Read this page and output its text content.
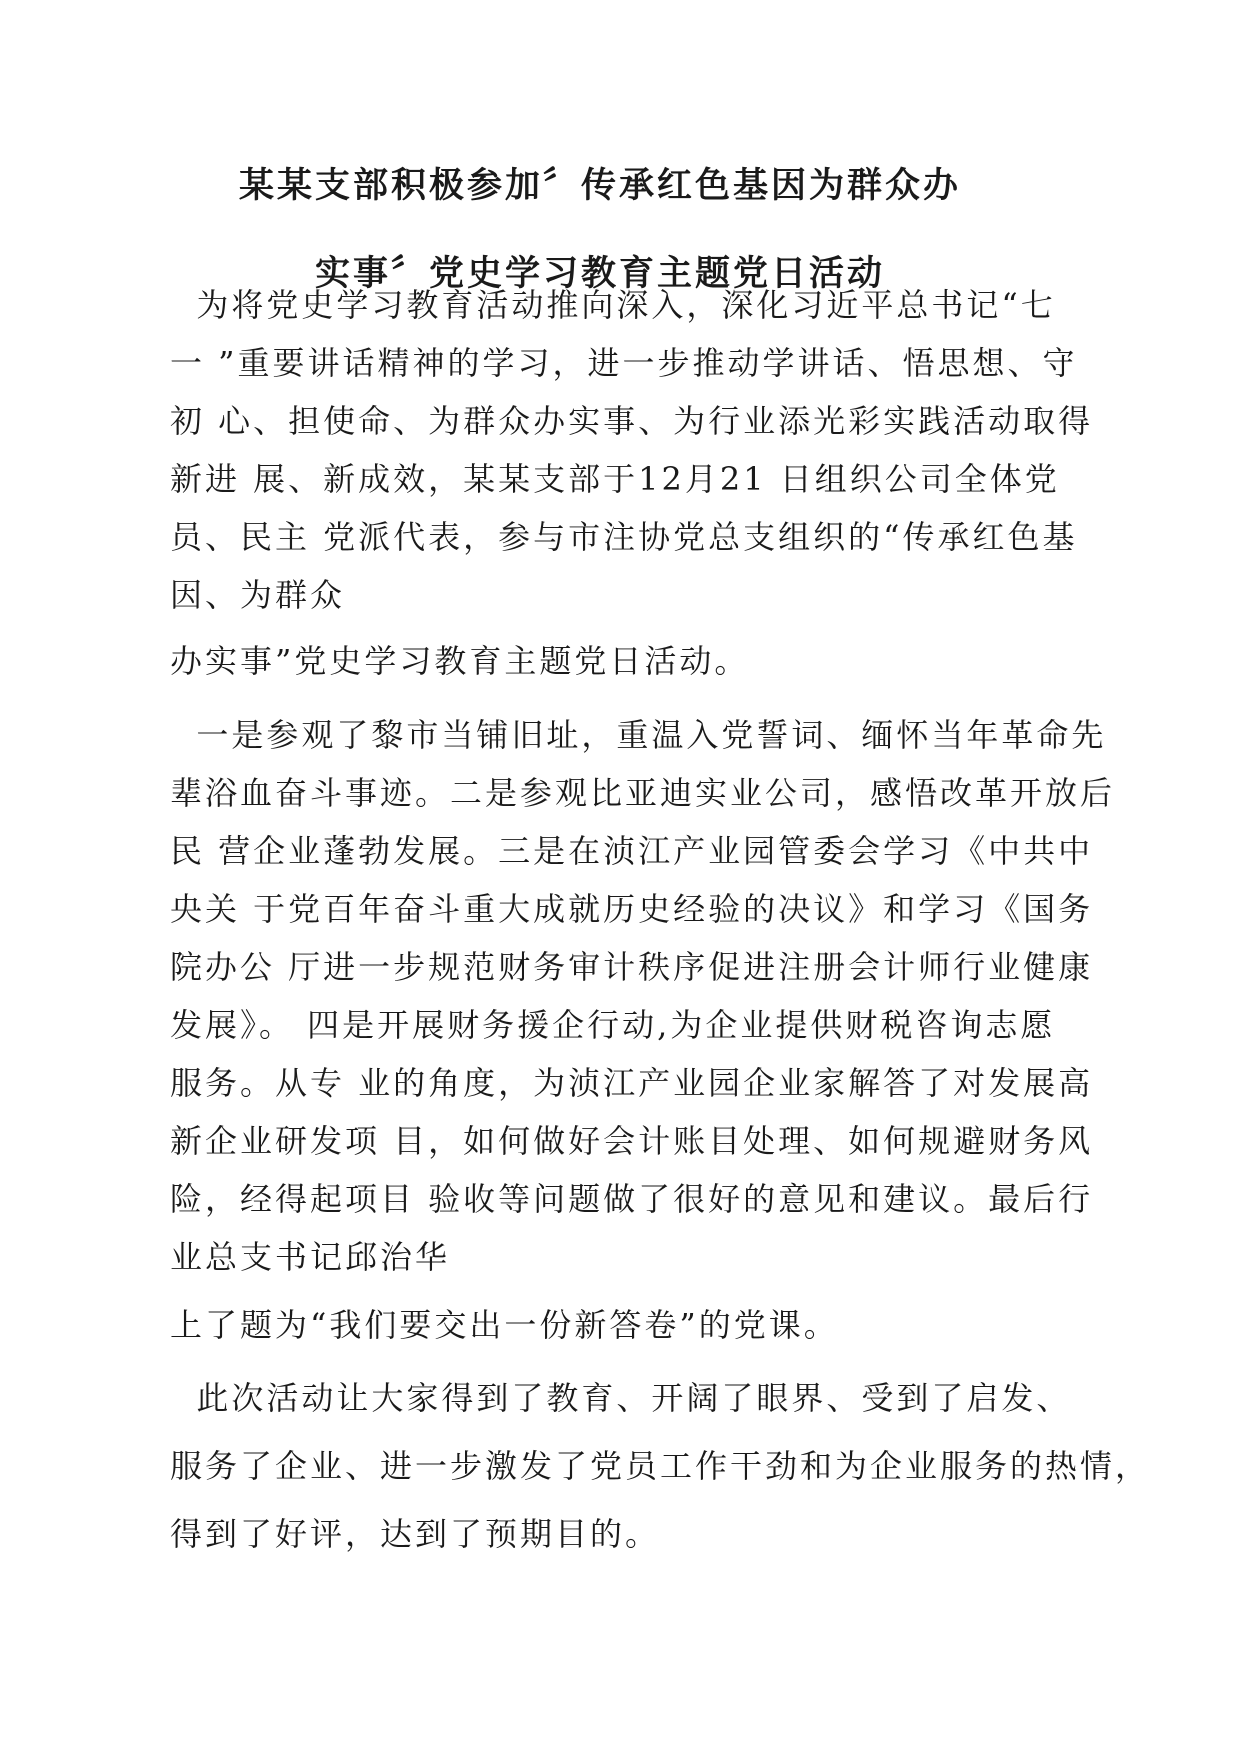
某某支部积极参加〞传承红色基因为群众办
实事〞党史学习教育主题党日活动
为将党史学习教育活动推向深入，深化习近平总书记“七
一 ”重要讲话精神的学习，进一步推动学讲话、悟思想、守
初 心、担使命、为群众办实事、为行业添光彩实践活动取得
新进 展、新成效，某某支部于12月21 日组织公司全体党
员、民主 党派代表，参与市注协党总支组织的“传承红色基
因、为群众
办实事”党史学习教育主题党日活动。
一是参观了黎市当铺旧址，重温入党誓词、缅怀当年革命先
辈浴血奋斗事迹。二是参观比亚迪实业公司，感悟改革开放后
民 营企业蓬勃发展。三是在浈江产业园管委会学习《中共中
央关 于党百年奋斗重大成就历史经验的决议》和学习《国务
院办公 厅进一步规范财务审计秩序促进注册会计师行业健康
发展》。 四是开展财务援企行动,为企业提供财税咨询志愿
服务。从专 业的角度，为浈江产业园企业家解答了对发展高
新企业研发项 目，如何做好会计账目处理、如何规避财务风
险，经得起项目 验收等问题做了很好的意见和建议。最后行
业总支书记邱治华
上了题为“我们要交出一份新答卷”的党课。
此次活动让大家得到了教育、开阔了眼界、受到了启发、
服务了企业、进一步激发了党员工作干劲和为企业服务的热情，
得到了好评，达到了预期目的。
